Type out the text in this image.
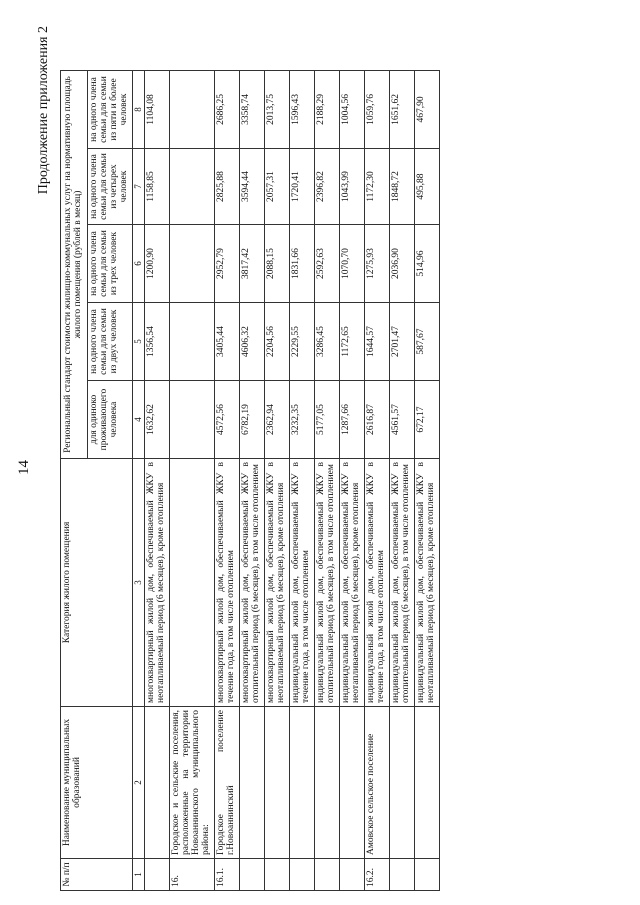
14
Продолжение приложения 2
№ п/п	Наименование муниципальных образований	Категория жилого помещения	Региональный стандарт стоимости жилищно-коммунальных услуг на нормативную площадь жилого помещения (рублей в месяц)				
			для одиноко проживающего человека	на одного члена семьи для семьи из двух человек	на одного члена семьи для семьи из трех человек	на одного члена семьи для семьи из четырех человек	на одного члена семьи для семьи из пяти и более человек
1	2	3	4	5	6	7	8
		многоквартирный жилой дом, обеспечиваемый ЖКУ в неотапливаемый период (6 месяцев), кроме отопления	1632,62	1356,54	1200,90	1158,85	1104,08
16.	Городское и сельские поселения, расположенные на территории Новоаннинского муниципального района:						
16.1.	Городское поселение г.Новоаннинский	многоквартирный жилой дом, обеспечиваемый ЖКУ в течение года, в том числе отоплением	4572,56	3405,44	2952,79	2825,88	2686,25
		многоквартирный жилой дом, обеспечиваемый ЖКУ в отопительный период (6 месяцев), в том числе отоплением	6782,19	4606,32	3817,42	3594,44	3358,74
		многоквартирный жилой дом, обеспечиваемый ЖКУ в неотапливаемый период (6 месяцев), кроме отопления	2362,94	2204,56	2088,15	2057,31	2013,75
		индивидуальный жилой дом, обеспечиваемый ЖКУ в течение года, в том числе отоплением	3232,35	2229,55	1831,66	1720,41	1596,43
		индивидуальный жилой дом, обеспечиваемый ЖКУ в отопительный период (6 месяцев), в том числе отоплением	5177,05	3286,45	2592,63	2396,82	2188,29
		индивидуальный жилой дом, обеспечиваемый ЖКУ в неотапливаемый период (6 месяцев), кроме отопления	1287,66	1172,65	1070,70	1043,99	1004,56
16.2.	Амовское сельское поселение	индивидуальный жилой дом, обеспечиваемый ЖКУ в течение года, в том числе отоплением	2616,87	1644,57	1275,93	1172,30	1059,76
		индивидуальный жилой дом, обеспечиваемый ЖКУ в отопительный период (6 месяцев), в том числе отоплением	4561,57	2701,47	2036,90	1848,72	1651,62
		индивидуальный жилой дом, обеспечиваемый ЖКУ в неотапливаемый период (6 месяцев), кроме отопления	672,17	587,67	514,96	495,88	467,90
